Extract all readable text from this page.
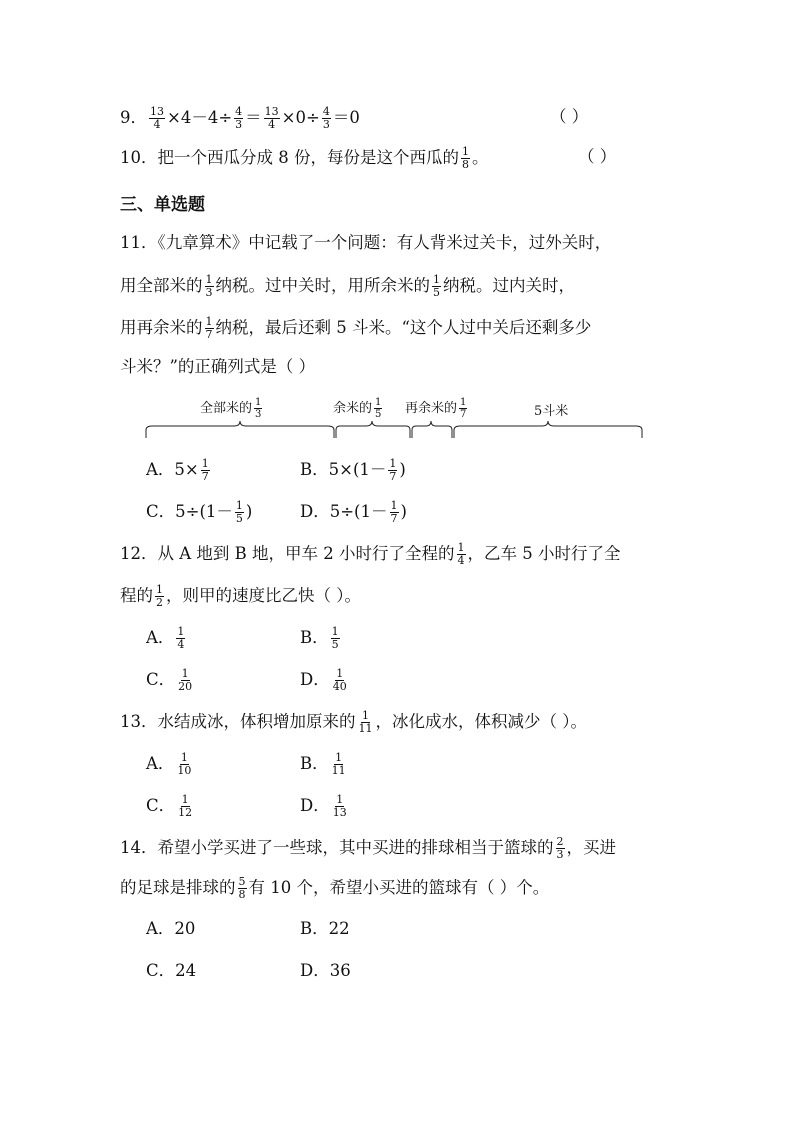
9． $\frac{13}{4} \times 4-4\div \frac{4}{3} = \frac{13}{4} \times 0\div \frac{4}{3} =0$	（ ）
10．把一个西瓜分成 8 份，每份是这个西瓜的 $\frac{1}{8}$ 。	（ ）
三、单选题
11．《九章算术》中记载了一个问题：有人背米过关卡，过外关时，
用全部米的 $\frac{1}{3}$ 纳税。过中关时，用所余米的 $\frac{1}{5}$ 纳税。过内关时，
用再余米的 $\frac{1}{7}$ 纳税，最后还剩 5 斗米。“这个人过中关后还剩多少
斗米？”的正确列式是（ ）
全部米的 $\frac{1}{3}$	余米的 $\frac{1}{5}$ 再余米的 $\frac{1}{7}$	5斗米
A．$5\times \frac{1}{7}$	B．$5\times(1- \frac{1}{7}$ )
C．$5\div(1- \frac{1}{5}$ )	D．$5\div(1- \frac{1}{7}$ )
12．从 A 地到 B 地，甲车 2 小时行了全程的 $\frac{1}{4}$ ，乙车 5 小时行了全
程的 $\frac{1}{2}$ ，则甲的速度比乙快（ ）。
A． $\frac{1}{4}$	B． $\frac{1}{5}$
C． $\frac{1}{20}$	D． $\frac{1}{40}$
13．水结成冰，体积增加原来的 $\frac{1}{11}$ ，冰化成水，体积减少（ ）。
A． $\frac{1}{10}$	B． $\frac{1}{11}$
C． $\frac{1}{12}$	D． $\frac{1}{13}$
14．希望小学买进了一些球，其中买进的排球相当于篮球的 $\frac{2}{3}$ ，买进
的足球是排球的 $\frac{5}{8}$ 有 10 个，希望小买进的篮球有（ ）个。
A．20	B．22
C．24	D．36
